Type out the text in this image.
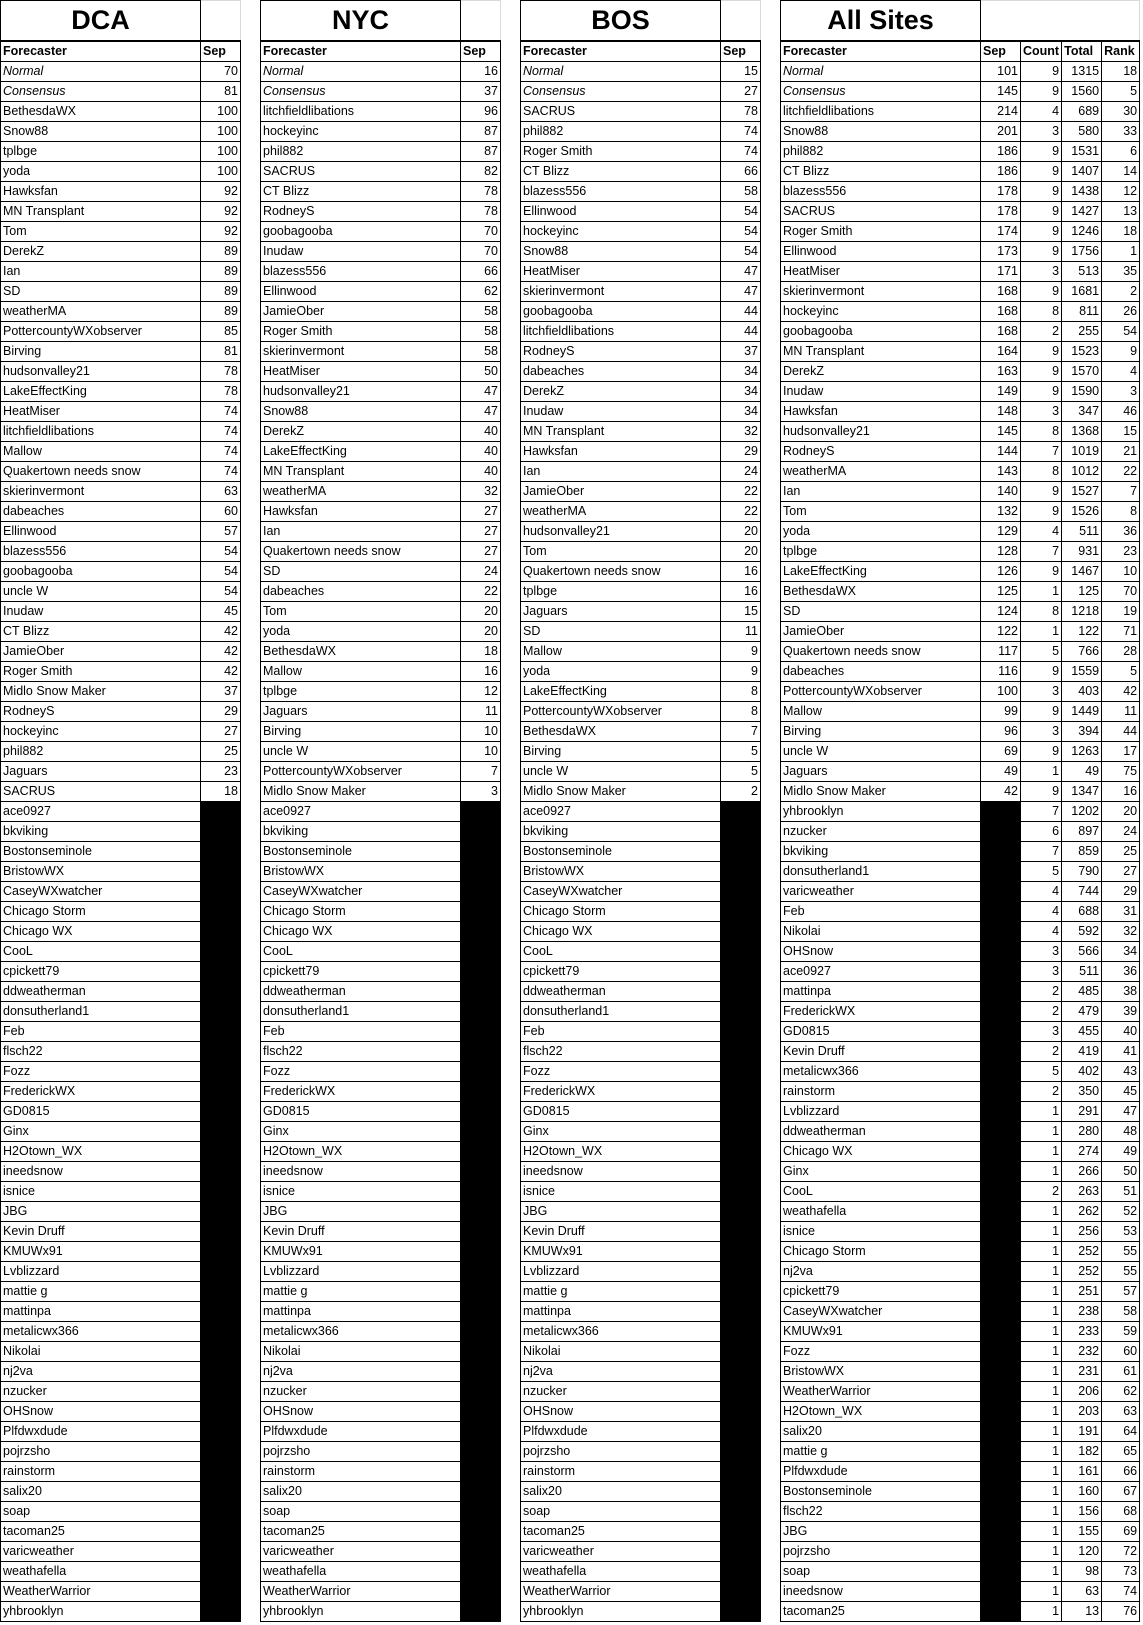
DCA	
Forecaster	Sep
Normal	70
Consensus	81
BethesdaWX	100
Snow88	100
tplbge	100
yoda	100
Hawksfan	92
MN Transplant	92
Tom	92
DerekZ	89
Ian	89
SD	89
weatherMA	89
PottercountyWXobserver	85
Birving	81
hudsonvalley21	78
LakeEffectKing	78
HeatMiser	74
litchfieldlibations	74
Mallow	74
Quakertown needs snow	74
skierinvermont	63
dabeaches	60
Ellinwood	57
blazess556	54
goobagooba	54
uncle W	54
Inudaw	45
CT Blizz	42
JamieOber	42
Roger Smith	42
Midlo Snow Maker	37
RodneyS	29
hockeyinc	27
phil882	25
Jaguars	23
SACRUS	18
ace0927	
bkviking	
Bostonseminole	
BristowWX	
CaseyWXwatcher	
Chicago Storm	
Chicago WX	
CooL	
cpickett79	
ddweatherman	
donsutherland1	
Feb	
flsch22	
Fozz	
FrederickWX	
GD0815	
Ginx	
H2Otown_WX	
ineedsnow	
isnice	
JBG	
Kevin Druff	
KMUWx91	
Lvblizzard	
mattie g	
mattinpa	
metalicwx366	
Nikolai	
nj2va	
nzucker	
OHSnow	
Plfdwxdude	
pojrzsho	
rainstorm	
salix20	
soap	
tacoman25	
varicweather	
weathafella	
WeatherWarrior	
yhbrooklyn	
NYC	
Forecaster	Sep
Normal	16
Consensus	37
litchfieldlibations	96
hockeyinc	87
phil882	87
SACRUS	82
CT Blizz	78
RodneyS	78
goobagooba	70
Inudaw	70
blazess556	66
Ellinwood	62
JamieOber	58
Roger Smith	58
skierinvermont	58
HeatMiser	50
hudsonvalley21	47
Snow88	47
DerekZ	40
LakeEffectKing	40
MN Transplant	40
weatherMA	32
Hawksfan	27
Ian	27
Quakertown needs snow	27
SD	24
dabeaches	22
Tom	20
yoda	20
BethesdaWX	18
Mallow	16
tplbge	12
Jaguars	11
Birving	10
uncle W	10
PottercountyWXobserver	7
Midlo Snow Maker	3
ace0927	
bkviking	
Bostonseminole	
BristowWX	
CaseyWXwatcher	
Chicago Storm	
Chicago WX	
CooL	
cpickett79	
ddweatherman	
donsutherland1	
Feb	
flsch22	
Fozz	
FrederickWX	
GD0815	
Ginx	
H2Otown_WX	
ineedsnow	
isnice	
JBG	
Kevin Druff	
KMUWx91	
Lvblizzard	
mattie g	
mattinpa	
metalicwx366	
Nikolai	
nj2va	
nzucker	
OHSnow	
Plfdwxdude	
pojrzsho	
rainstorm	
salix20	
soap	
tacoman25	
varicweather	
weathafella	
WeatherWarrior	
yhbrooklyn	
BOS	
Forecaster	Sep
Normal	15
Consensus	27
SACRUS	78
phil882	74
Roger Smith	74
CT Blizz	66
blazess556	58
Ellinwood	54
hockeyinc	54
Snow88	54
HeatMiser	47
skierinvermont	47
goobagooba	44
litchfieldlibations	44
RodneyS	37
dabeaches	34
DerekZ	34
Inudaw	34
MN Transplant	32
Hawksfan	29
Ian	24
JamieOber	22
weatherMA	22
hudsonvalley21	20
Tom	20
Quakertown needs snow	16
tplbge	16
Jaguars	15
SD	11
Mallow	9
yoda	9
LakeEffectKing	8
PottercountyWXobserver	8
BethesdaWX	7
Birving	5
uncle W	5
Midlo Snow Maker	2
ace0927	
bkviking	
Bostonseminole	
BristowWX	
CaseyWXwatcher	
Chicago Storm	
Chicago WX	
CooL	
cpickett79	
ddweatherman	
donsutherland1	
Feb	
flsch22	
Fozz	
FrederickWX	
GD0815	
Ginx	
H2Otown_WX	
ineedsnow	
isnice	
JBG	
Kevin Druff	
KMUWx91	
Lvblizzard	
mattie g	
mattinpa	
metalicwx366	
Nikolai	
nj2va	
nzucker	
OHSnow	
Plfdwxdude	
pojrzsho	
rainstorm	
salix20	
soap	
tacoman25	
varicweather	
weathafella	
WeatherWarrior	
yhbrooklyn	
All Sites				
Forecaster	Sep	Count	Total	Rank
Normal	101	9	1315	18
Consensus	145	9	1560	5
litchfieldlibations	214	4	689	30
Snow88	201	3	580	33
phil882	186	9	1531	6
CT Blizz	186	9	1407	14
blazess556	178	9	1438	12
SACRUS	178	9	1427	13
Roger Smith	174	9	1246	18
Ellinwood	173	9	1756	1
HeatMiser	171	3	513	35
skierinvermont	168	9	1681	2
hockeyinc	168	8	811	26
goobagooba	168	2	255	54
MN Transplant	164	9	1523	9
DerekZ	163	9	1570	4
Inudaw	149	9	1590	3
Hawksfan	148	3	347	46
hudsonvalley21	145	8	1368	15
RodneyS	144	7	1019	21
weatherMA	143	8	1012	22
Ian	140	9	1527	7
Tom	132	9	1526	8
yoda	129	4	511	36
tplbge	128	7	931	23
LakeEffectKing	126	9	1467	10
BethesdaWX	125	1	125	70
SD	124	8	1218	19
JamieOber	122	1	122	71
Quakertown needs snow	117	5	766	28
dabeaches	116	9	1559	5
PottercountyWXobserver	100	3	403	42
Mallow	99	9	1449	11
Birving	96	3	394	44
uncle W	69	9	1263	17
Jaguars	49	1	49	75
Midlo Snow Maker	42	9	1347	16
yhbrooklyn		7	1202	20
nzucker		6	897	24
bkviking		7	859	25
donsutherland1		5	790	27
varicweather		4	744	29
Feb		4	688	31
Nikolai		4	592	32
OHSnow		3	566	34
ace0927		3	511	36
mattinpa		2	485	38
FrederickWX		2	479	39
GD0815		3	455	40
Kevin Druff		2	419	41
metalicwx366		5	402	43
rainstorm		2	350	45
Lvblizzard		1	291	47
ddweatherman		1	280	48
Chicago WX		1	274	49
Ginx		1	266	50
CooL		2	263	51
weathafella		1	262	52
isnice		1	256	53
Chicago Storm		1	252	55
nj2va		1	252	55
cpickett79		1	251	57
CaseyWXwatcher		1	238	58
KMUWx91		1	233	59
Fozz		1	232	60
BristowWX		1	231	61
WeatherWarrior		1	206	62
H2Otown_WX		1	203	63
salix20		1	191	64
mattie g		1	182	65
Plfdwxdude		1	161	66
Bostonseminole		1	160	67
flsch22		1	156	68
JBG		1	155	69
pojrzsho		1	120	72
soap		1	98	73
ineedsnow		1	63	74
tacoman25		1	13	76
